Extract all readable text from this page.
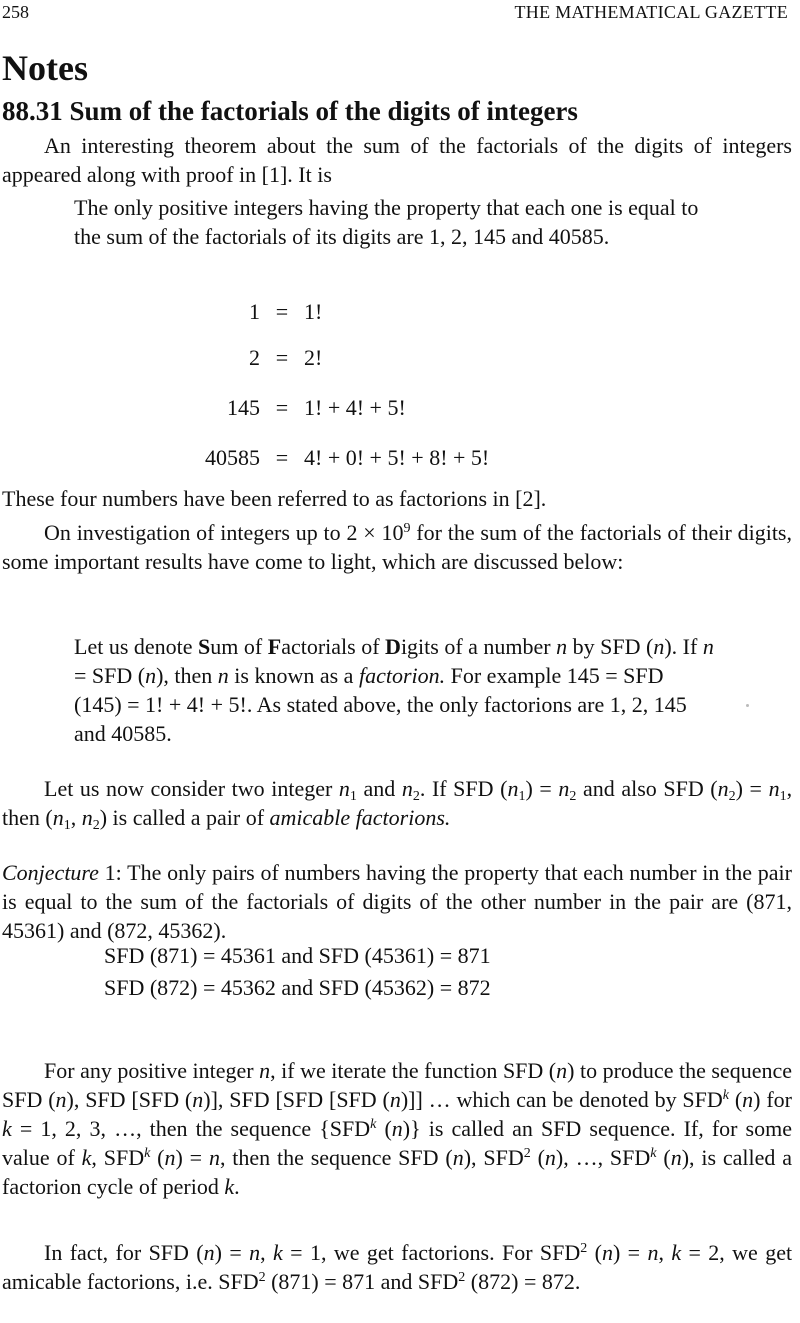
258	THE MATHEMATICAL GAZETTE
Notes
88.31 Sum of the factorials of the digits of integers

An interesting theorem about the sum of the factorials of the digits of integers appeared along with proof in [1]. It is

The only positive integers having the property that each one is equal to the sum of the factorials of its digits are 1, 2, 145 and 40585.

1	=	1!
2	=	2!
145	=	1! + 4! + 5!
40585	=	4! + 0! + 5! + 8! + 5!

These four numbers have been referred to as factorions in [2].

On investigation of integers up to $2 \times 10^9$ for the sum of the factorials of their digits, some important results have come to light, which are discussed below:

Let us denote Sum of Factorials of Digits of a number n by SFD (n). If n = SFD (n), then n is known as a factorion. For example 145 = SFD (145) = 1! + 4! + 5!. As stated above, the only factorions are 1, 2, 145 and 40585.

Let us now consider two integer $n_1$ and $n_2$. If SFD $(n_1) = n_2$ and also SFD $(n_2) = n_1$, then ($n_1$, $n_2$) is called a pair of amicable factorions.

Conjecture 1: The only pairs of numbers having the property that each number in the pair is equal to the sum of the factorials of digits of the other number in the pair are (871, 45361) and (872, 45362).

SFD (871) = 45361 and SFD (45361) = 871
SFD (872) = 45362 and SFD (45362) = 872

For any positive integer n, if we iterate the function SFD (n) to produce the sequence SFD (n), SFD [SFD (n)], SFD [SFD [SFD (n)]] … which can be denoted by SFD$^k$ (n) for k = 1, 2, 3, …, then the sequence {SFD$^k$ (n)} is called an SFD sequence. If, for some value of k, SFD$^k$ (n) = n, then the sequence SFD (n), SFD$^2$ (n), …, SFD$^k$ (n), is called a factorion cycle of period k.

In fact, for SFD (n) = n, k = 1, we get factorions. For SFD$^2$ (n) = n, k = 2, we get amicable factorions, i.e. SFD$^2$ (871) = 871 and SFD$^2$ (872) = 872.
